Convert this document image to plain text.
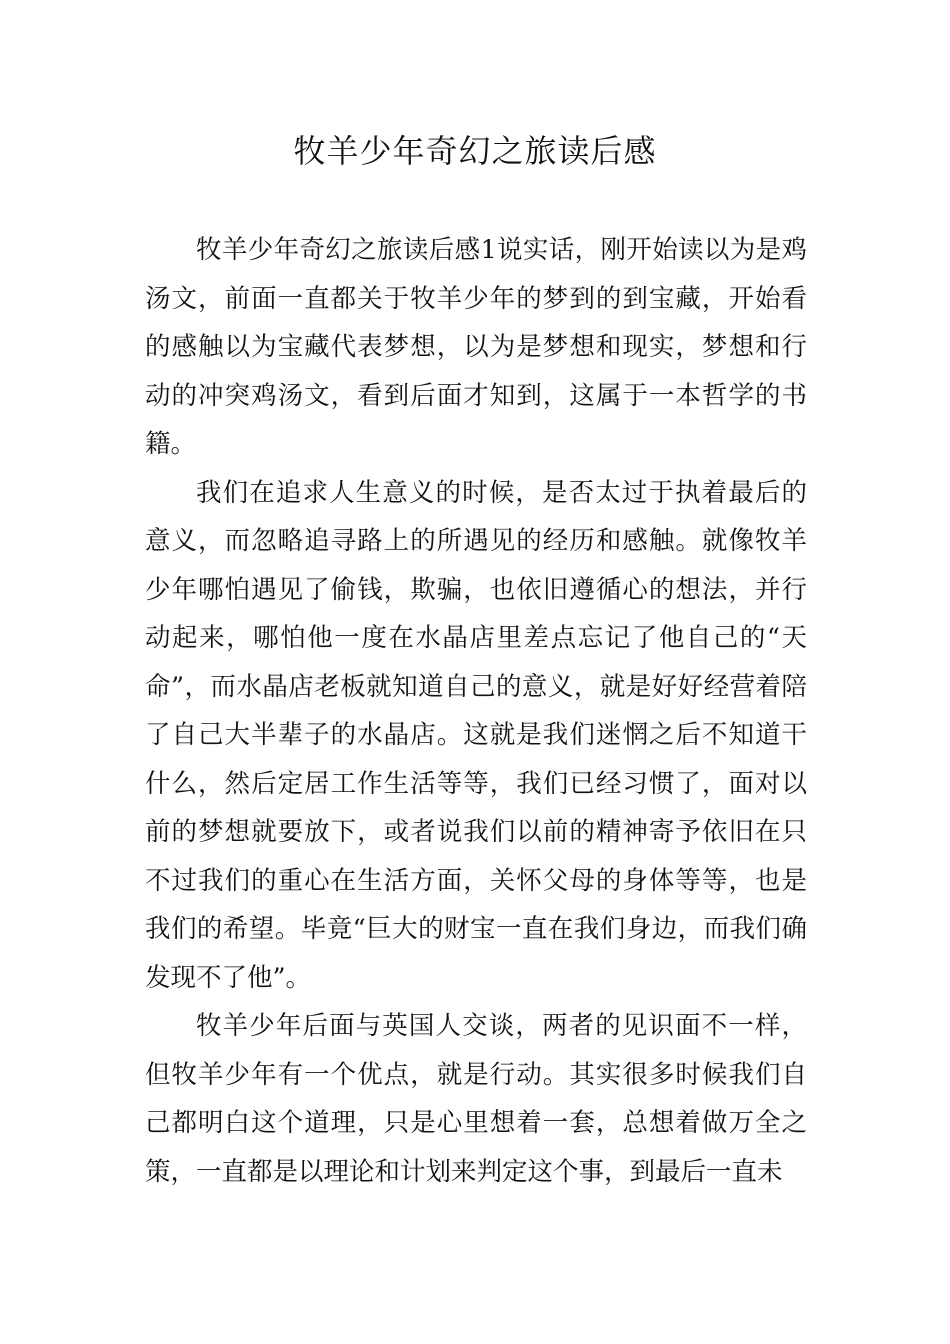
牧羊少年奇幻之旅读后感

牧羊少年奇幻之旅读后感1说实话，刚开始读以为是鸡汤文，前面一直都关于牧羊少年的梦到的到宝藏，开始看的感触以为宝藏代表梦想，以为是梦想和现实，梦想和行动的冲突鸡汤文，看到后面才知到，这属于一本哲学的书籍。

我们在追求人生意义的时候，是否太过于执着最后的意义，而忽略追寻路上的所遇见的经历和感触。就像牧羊少年哪怕遇见了偷钱，欺骗，也依旧遵循心的想法，并行动起来，哪怕他一度在水晶店里差点忘记了他自己的“天命”，而水晶店老板就知道自己的意义，就是好好经营着陪了自己大半辈子的水晶店。这就是我们迷惘之后不知道干什么，然后定居工作生活等等，我们已经习惯了，面对以前的梦想就要放下，或者说我们以前的精神寄予依旧在只不过我们的重心在生活方面，关怀父母的身体等等，也是我们的希望。毕竟“巨大的财宝一直在我们身边，而我们确发现不了他”。

牧羊少年后面与英国人交谈，两者的见识面不一样，但牧羊少年有一个优点，就是行动。其实很多时候我们自己都明白这个道理，只是心里想着一套，总想着做万全之策，一直都是以理论和计划来判定这个事，到最后一直未
